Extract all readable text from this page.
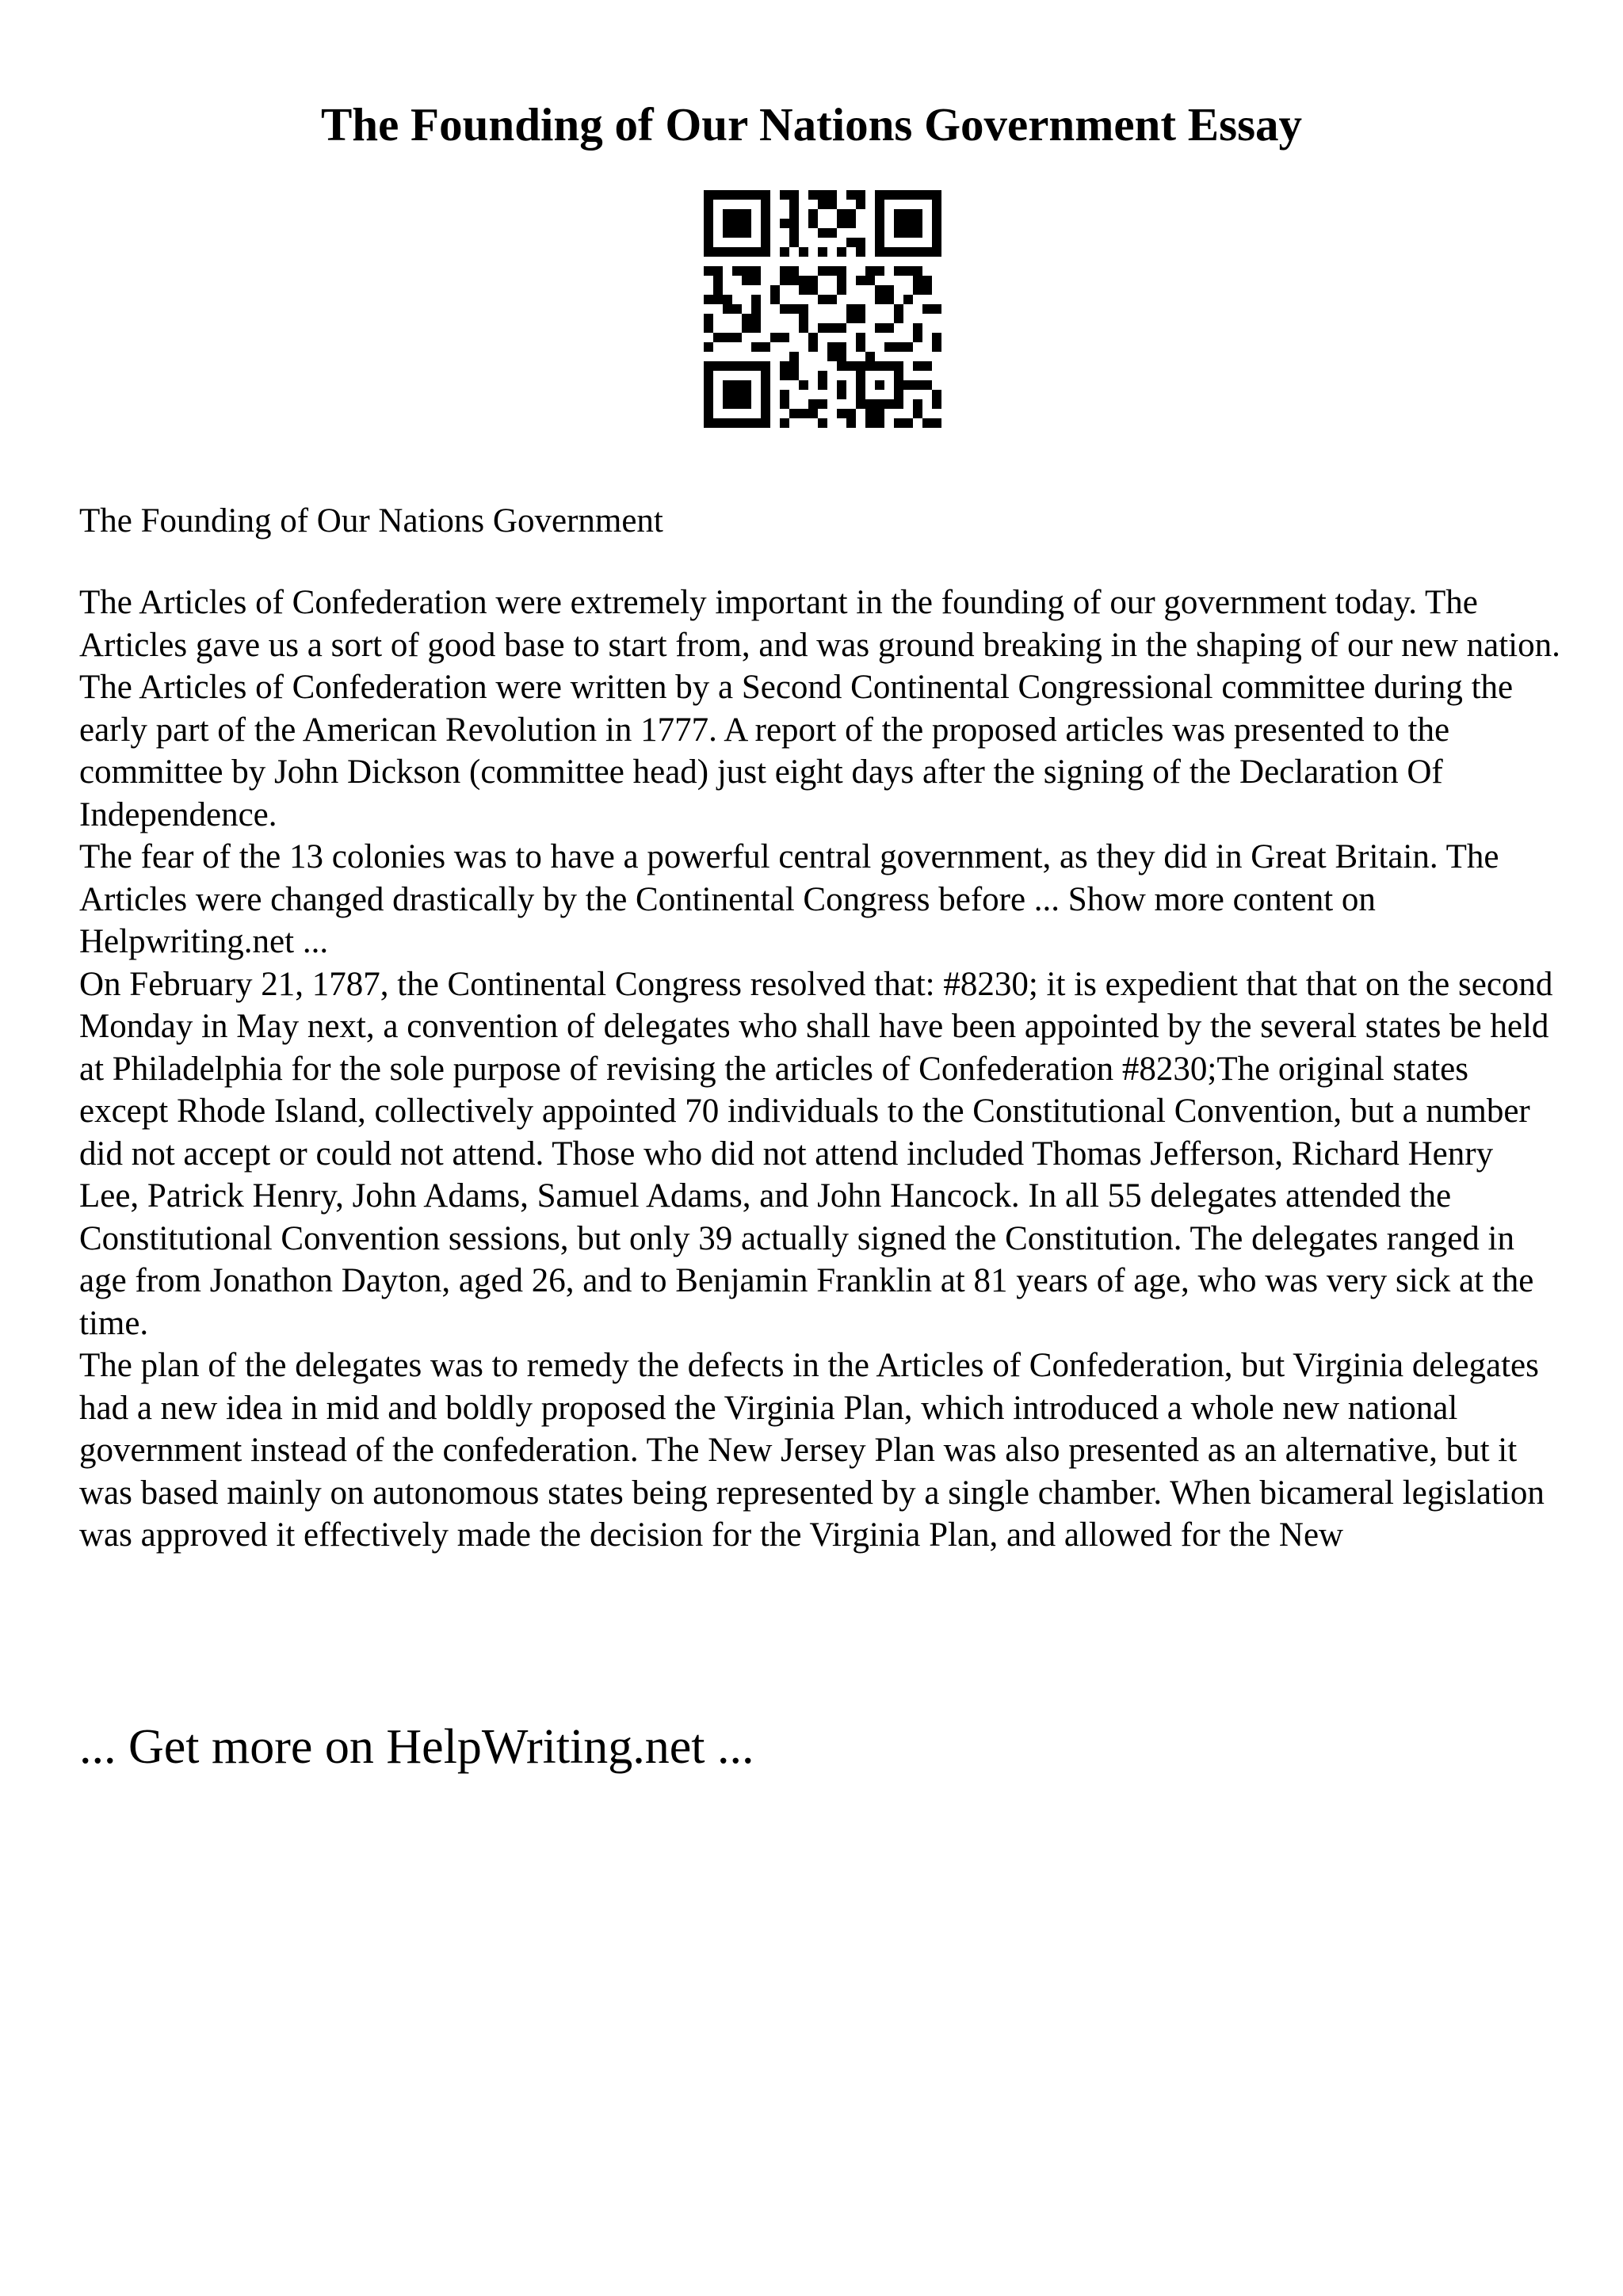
The Founding of Our Nations Government Essay

The Founding of Our Nations Government

The Articles of Confederation were extremely important in the founding of our government today. The Articles gave us a sort of good base to start from, and was ground breaking in the shaping of our new nation.

The Articles of Confederation were written by a Second Continental Congressional committee during the early part of the American Revolution in 1777. A report of the proposed articles was presented to the committee by John Dickson (committee head) just eight days after the signing of the Declaration Of Independence.

The fear of the 13 colonies was to have a powerful central government, as they did in Great Britain. The Articles were changed drastically by the Continental Congress before ... Show more content on Helpwriting.net ...

On February 21, 1787, the Continental Congress resolved that: #8230; it is expedient that that on the second Monday in May next, a convention of delegates who shall have been appointed by the several states be held at Philadelphia for the sole purpose of revising the articles of Confederation #8230;The original states except Rhode Island, collectively appointed 70 individuals to the Constitutional Convention, but a number did not accept or could not attend. Those who did not attend included Thomas Jefferson, Richard Henry Lee, Patrick Henry, John Adams, Samuel Adams, and John Hancock. In all 55 delegates attended the Constitutional Convention sessions, but only 39 actually signed the Constitution. The delegates ranged in age from Jonathon Dayton, aged 26, and to Benjamin Franklin at 81 years of age, who was very sick at the time.

The plan of the delegates was to remedy the defects in the Articles of Confederation, but Virginia delegates had a new idea in mid and boldly proposed the Virginia Plan, which introduced a whole new national government instead of the confederation. The New Jersey Plan was also presented as an alternative, but it was based mainly on autonomous states being represented by a single chamber. When bicameral legislation was approved it effectively made the decision for the Virginia Plan, and allowed for the New

... Get more on HelpWriting.net ...
